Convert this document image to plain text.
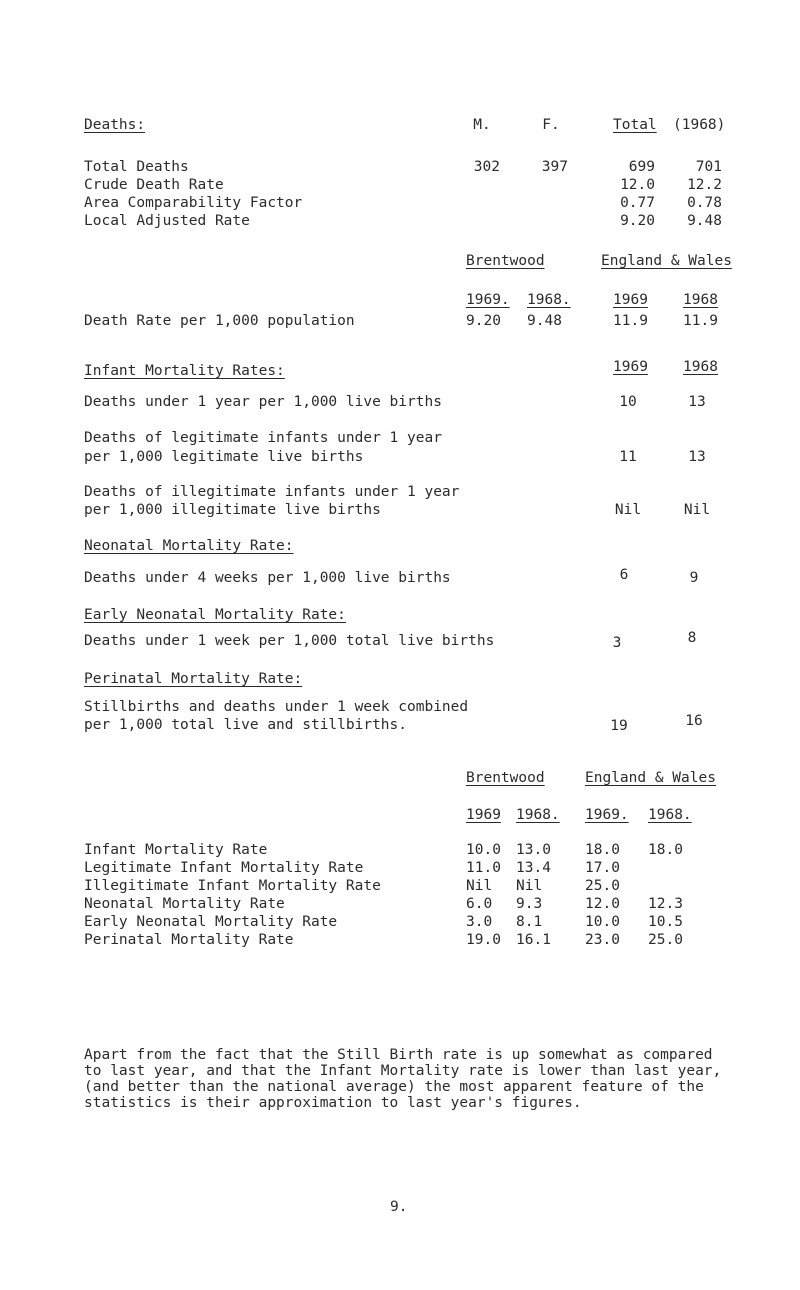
Deaths:	M.	F.	Total (1968)
Total Deaths	302	397	699	701
Crude Death Rate	12.0 12.2
Area Comparability Factor	0.77 0.78
Local Adjusted Rate	9.20 9.48
Brentwood	England & Wales
1969. 1968.	1969 1968
Death Rate per 1,000 population	9.20 9.48	11.9 11.9
Infant Mortality Rates:	1969 1968
Deaths under 1 year per 1,000 live births	10	13
Deaths of legitimate infants under 1 year
per 1,000 legitimate live births	11	13
Deaths of illegitimate infants under 1 year
per 1,000 illegitimate live births	Nil	Nil
Neonatal Mortality Rate:
Deaths under 4 weeks per 1,000 live births	6	9
Early Neonatal Mortality Rate:
Deaths under 1 week per 1,000 total live births	3	8
Perinatal Mortality Rate:
Stillbirths and deaths under 1 week combined
per 1,000 total live and stillbirths.	19	16
Brentwood	England & Wales
1969 1968. 1969. 1968.
Infant Mortality Rate	10.0 13.0 18.0 18.0
Legitimate Infant Mortality Rate	11.0 13.4 17.0
Illegitimate Infant Mortality Rate	Nil Nil	25.0
Neonatal Mortality Rate	6.0 9.3	12.0 12.3
Early Neonatal Mortality Rate	3.0 8.1	10.0 10.5
Perinatal Mortality Rate	19.0 16.1 23.0 25.0
Apart from the fact that the Still Birth rate is up somewhat as compared
to last year, and that the Infant Mortality rate is lower than last year,
(and better than the national average) the most apparent feature of the
statistics is their approximation to last year's figures.
9.
